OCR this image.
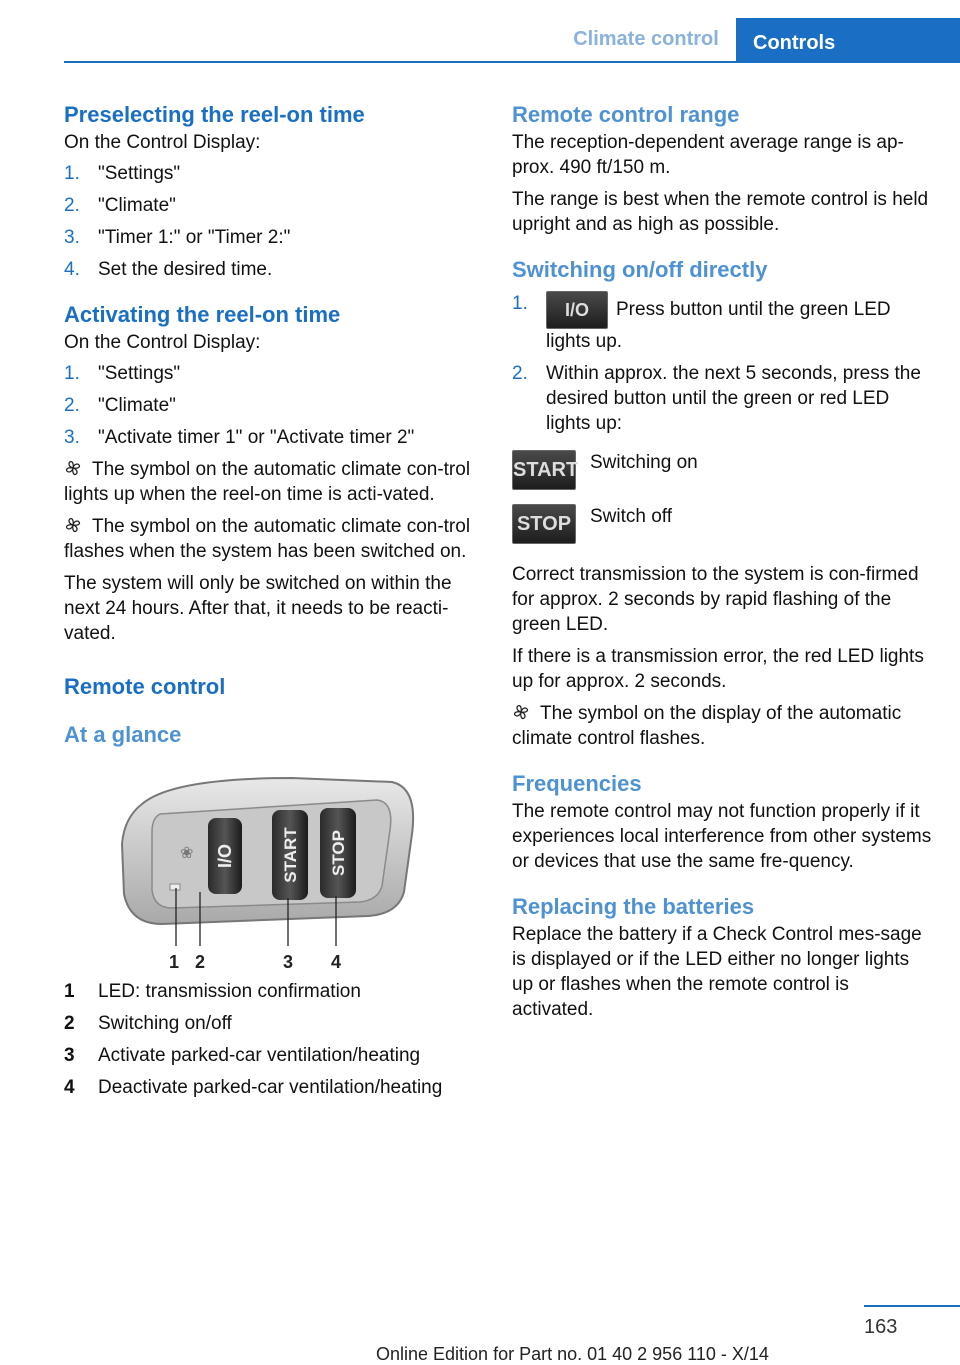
Climate control	Controls
Preselecting the reel-on time

On the Control Display:

1. "Settings"
2. "Climate"
3. "Timer 1:" or "Timer 2:"
4. Set the desired time.
Activating the reel-on time

On the Control Display:

1. "Settings"
2. "Climate"
3. "Activate timer 1" or "Activate timer 2"

The symbol on the automatic climate con-trol lights up when the reel-on time is acti-vated.

The symbol on the automatic climate con-trol flashes when the system has been switched on.

The system will only be switched on within the next 24 hours. After that, it needs to be reacti-vated.

Remote control
At a glance
❀ I/O	START STOP
1 2	3 4
1 LED: transmission confirmation
2 Switching on/off
3 Activate parked-car ventilation/heating
4 Deactivate parked-car ventilation/heating
Remote control range

The reception-dependent average range is ap-prox. 490 ft/150 m.

The range is best when the remote control is held upright and as high as possible.

Switching on/off directly
1. I/O Press button until the green LED lights up.
2. Within approx. the next 5 seconds, press the desired button until the green or red LED lights up:
START Switching on

STOP Switch off

Correct transmission to the system is con-firmed for approx. 2 seconds by rapid flashing of the green LED.

If there is a transmission error, the red LED lights up for approx. 2 seconds.

The symbol on the display of the automatic climate control flashes.

Frequencies

The remote control may not function properly if it experiences local interference from other systems or devices that use the same fre-quency.

Replacing the batteries

Replace the battery if a Check Control mes-sage is displayed or if the LED either no longer lights up or flashes when the remote control is activated.

163
Online Edition for Part no. 01 40 2 956 110 - X/14
